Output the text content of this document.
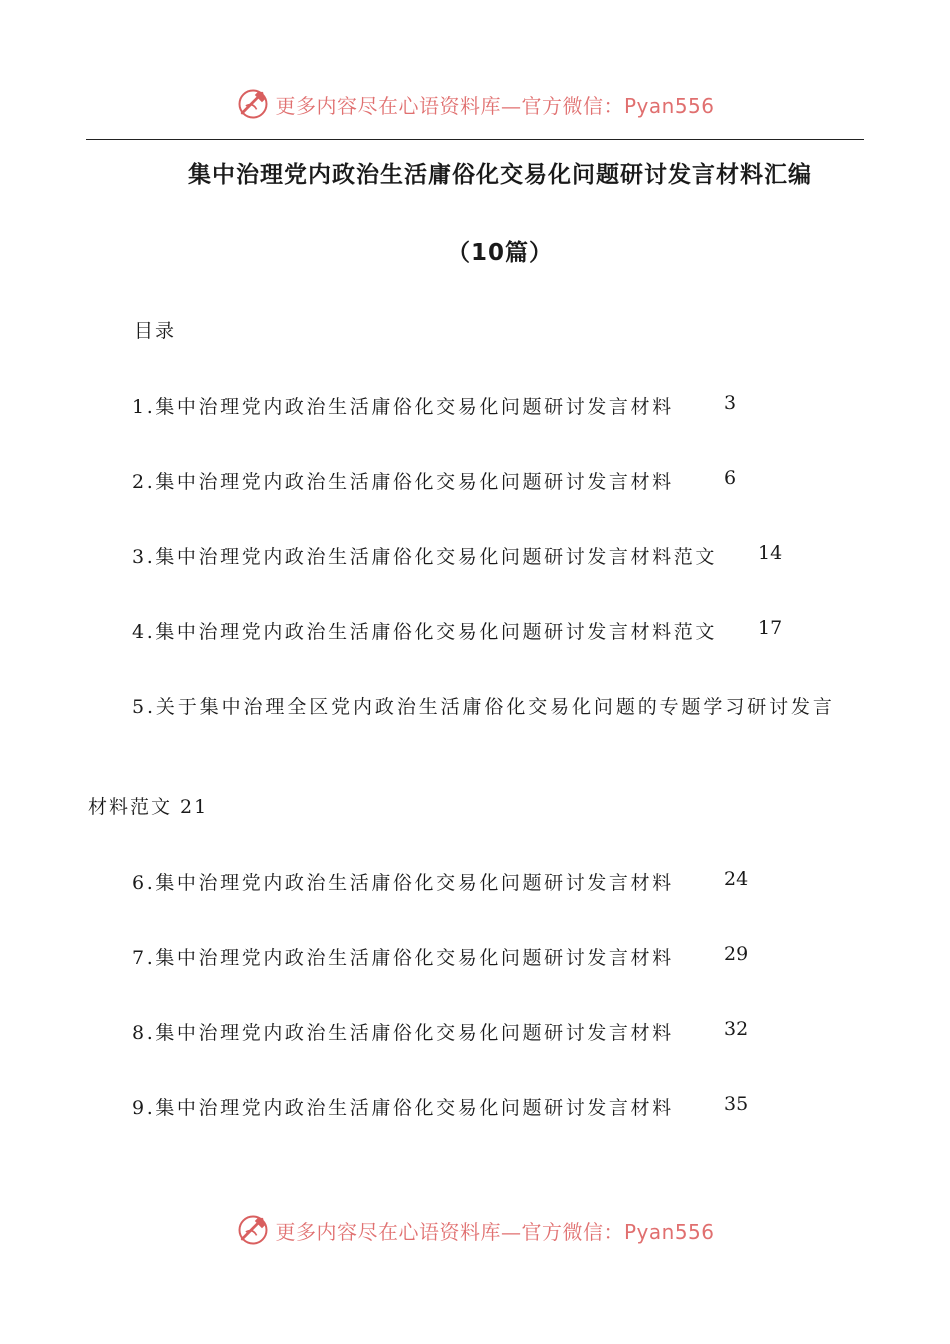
更多内容尽在心语资料库—官方微信：Pyan556
集中治理党内政治生活庸俗化交易化问题研讨发言材料汇编
（10篇）
目录
1.集中治理党内政治生活庸俗化交易化问题研讨发言材料	3
2.集中治理党内政治生活庸俗化交易化问题研讨发言材料	6
3.集中治理党内政治生活庸俗化交易化问题研讨发言材料范文 14
4.集中治理党内政治生活庸俗化交易化问题研讨发言材料范文 17
5.关于集中治理全区党内政治生活庸俗化交易化问题的专题学习研讨发言
材料范文 21
6.集中治理党内政治生活庸俗化交易化问题研讨发言材料	24
7.集中治理党内政治生活庸俗化交易化问题研讨发言材料	29
8.集中治理党内政治生活庸俗化交易化问题研讨发言材料	32
9.集中治理党内政治生活庸俗化交易化问题研讨发言材料	35
更多内容尽在心语资料库—官方微信：Pyan556
